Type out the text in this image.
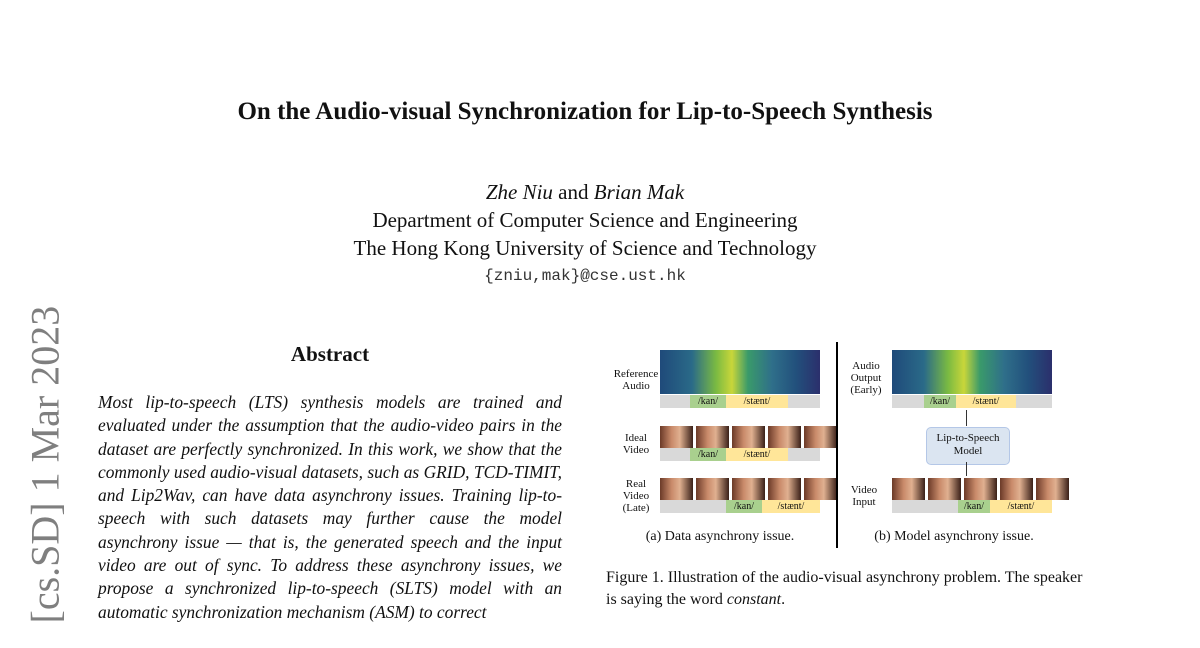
On the Audio-visual Synchronization for Lip-to-Speech Synthesis
Zhe Niu and Brian Mak
Department of Computer Science and Engineering
The Hong Kong University of Science and Technology
{zniu,mak}@cse.ust.hk
[cs.SD] 1 Mar 2023	Abstract
Most lip-to-speech (LTS) synthesis models are trained and evaluated under the assumption that the audio-video pairs in the dataset are perfectly synchronized. In this work, we show that the commonly used audio-visual datasets, such as GRID, TCD-TIMIT, and Lip2Wav, can have data asynchrony issues. Training lip-to-speech with such datasets may further cause the model asynchrony issue — that is, the generated speech and the input video are out of sync. To address these asynchrony issues, we propose a synchronized lip-to-speech (SLTS) model with an automatic synchronization mechanism (ASM) to correct
Reference Audio
/kan/	/stænt/
Ideal Video	/kan/	/stænt/
Real Video (Late)	/kan/	/stænt/
(a) Data asynchrony issue.
Audio Output (Early)
/kan/	/stænt/
Lip-to-Speech Model
Video Input	/kan/	/stænt/
(b) Model asynchrony issue.
Figure 1. Illustration of the audio-visual asynchrony problem. The speaker is saying the word constant.
